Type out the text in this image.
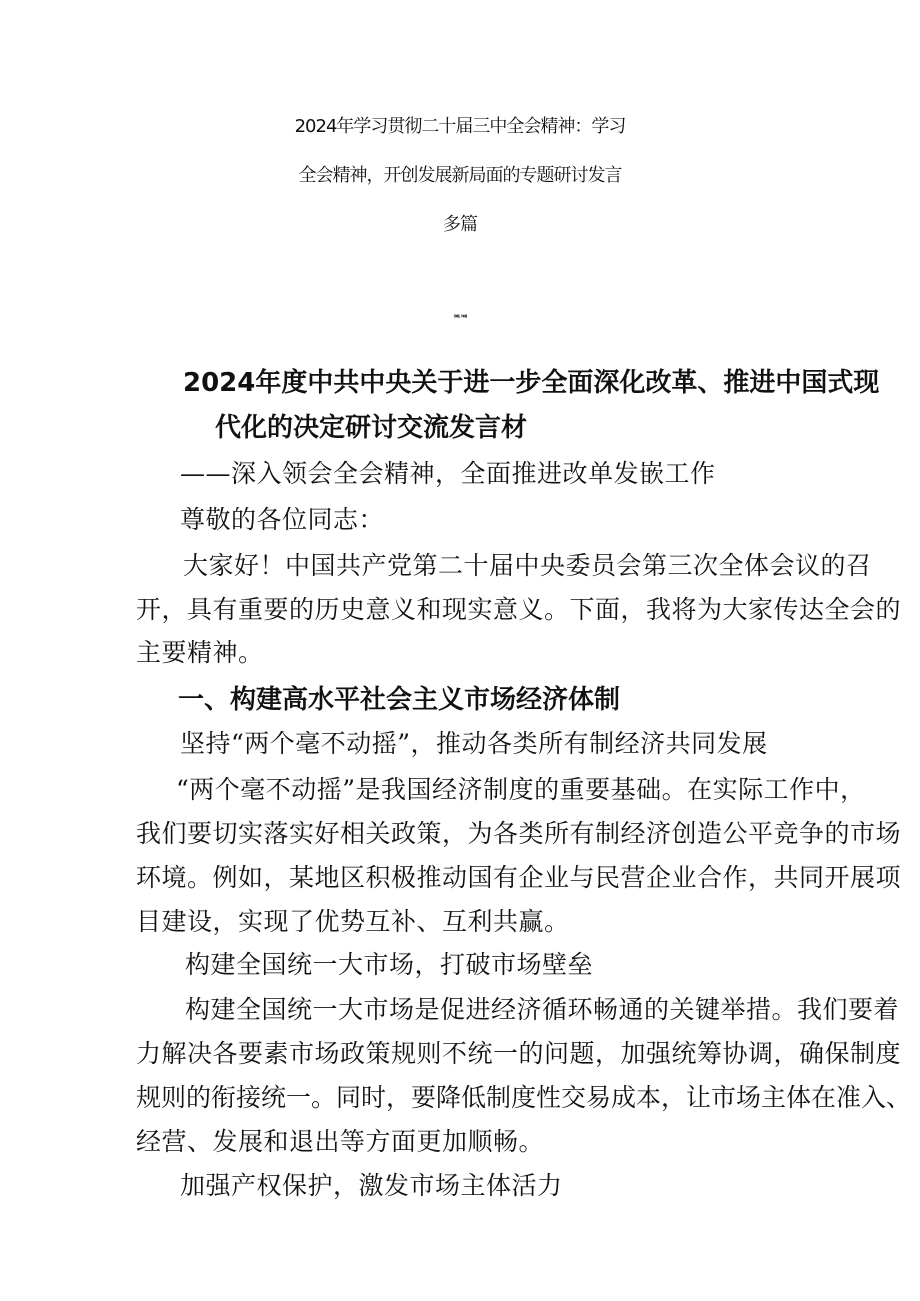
2024年学习贯彻二十届三中全会精神：学习

全会精神，开创发展新局面的专题研讨发言

多篇

第1篇，其IO篇

2024年度中共中央关于进一步全面深化改革、推进中国式现

代化的决定研讨交流发言材

——深入领会全会精神，全面推进改单发嵌工作

尊敬的各位同志：

大家好！中国共产党第二十届中央委员会第三次全体会议的召

开，具有重要的历史意义和现实意义。下面，我将为大家传达全会的

主要精神。

一、构建高水平社会主义市场经济体制

坚持“两个毫不动摇”，推动各类所有制经济共同发展

“两个毫不动摇”是我国经济制度的重要基础。在实际工作中，

我们要切实落实好相关政策，为各类所有制经济创造公平竞争的市场

环境。例如，某地区积极推动国有企业与民营企业合作，共同开展项

目建设，实现了优势互补、互利共赢。

构建全国统一大市场，打破市场壁垒

构建全国统一大市场是促进经济循环畅通的关键举措。我们要着

力解决各要素市场政策规则不统一的问题，加强统筹协调，确保制度

规则的衔接统一。同时，要降低制度性交易成本，让市场主体在准入、

经营、发展和退出等方面更加顺畅。

加强产权保护，激发市场主体活力
